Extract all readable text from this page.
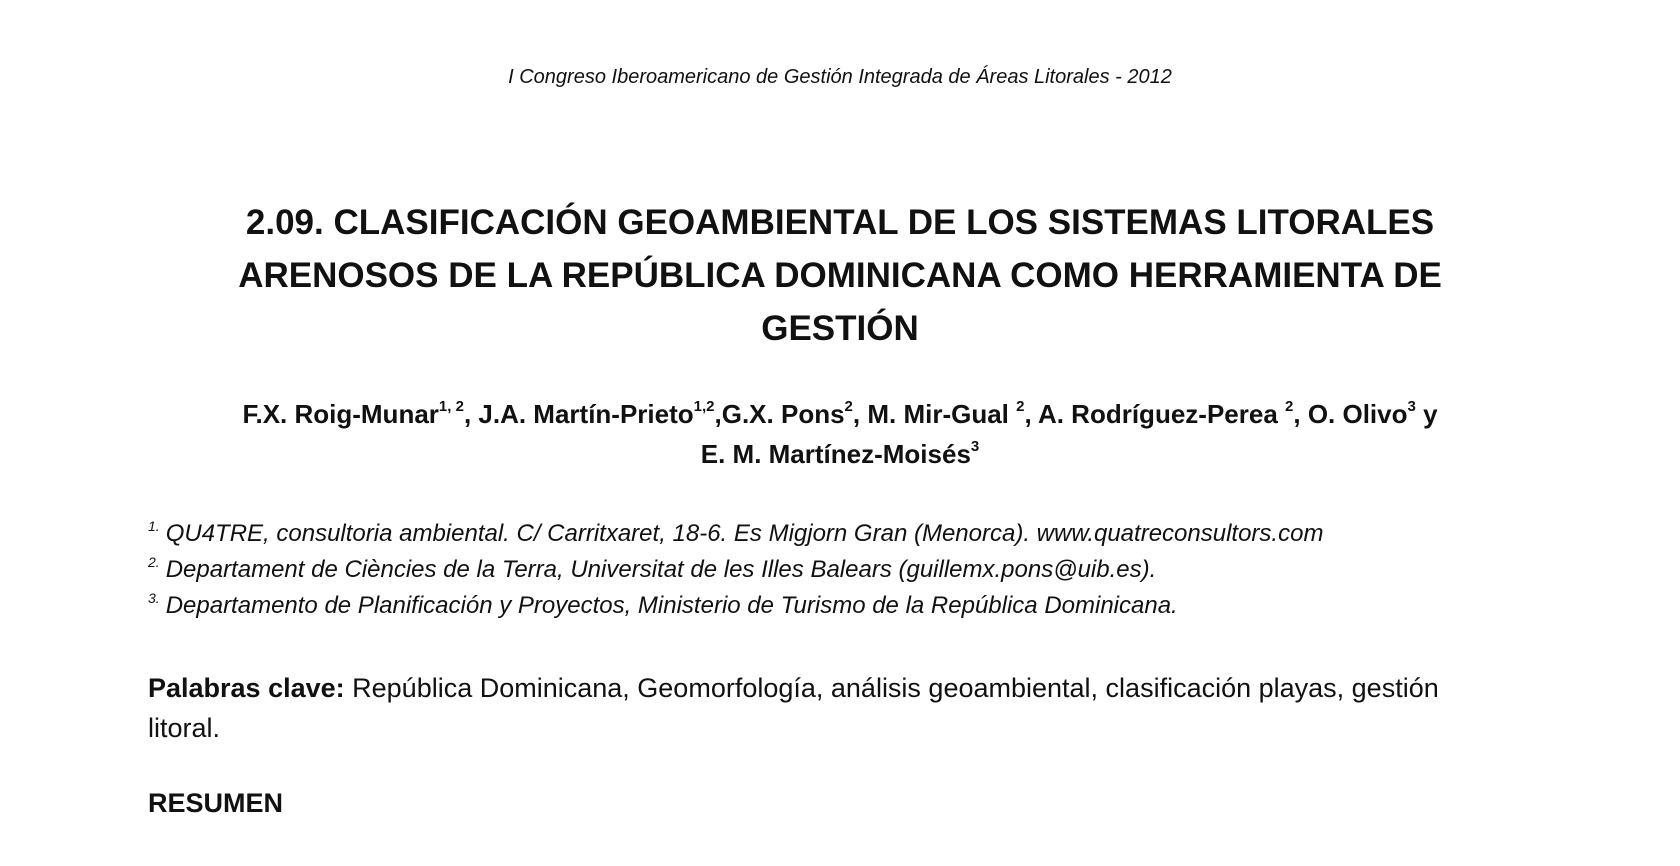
I Congreso Iberoamericano de Gestión Integrada de Áreas Litorales - 2012
2.09. CLASIFICACIÓN GEOAMBIENTAL DE LOS SISTEMAS LITORALES
ARENOSOS DE LA REPÚBLICA DOMINICANA COMO HERRAMIENTA DE
GESTIÓN
F.X. Roig-Munar$^{1, 2}$, J.A. Martín-Prieto$^{1,2}$,G.X. Pons$^2$, M. Mir-Gual $^2$, A. Rodríguez-Perea $^2$, O. Olivo$^3$ y
E. M. Martínez-Moisés$^3$
$^{1.}$ QU4TRE, consultoria ambiental. C/ Carritxaret, 18-6. Es Migjorn Gran (Menorca). www.quatreconsultors.com
$^{2.}$ Departament de Ciències de la Terra, Universitat de les Illes Balears (guillemx.pons@uib.es).
$^{3.}$ Departamento de Planificación y Proyectos, Ministerio de Turismo de la República Dominicana.
Palabras clave: República Dominicana, Geomorfología, análisis geoambiental, clasificación playas, gestión litoral.
RESUMEN
